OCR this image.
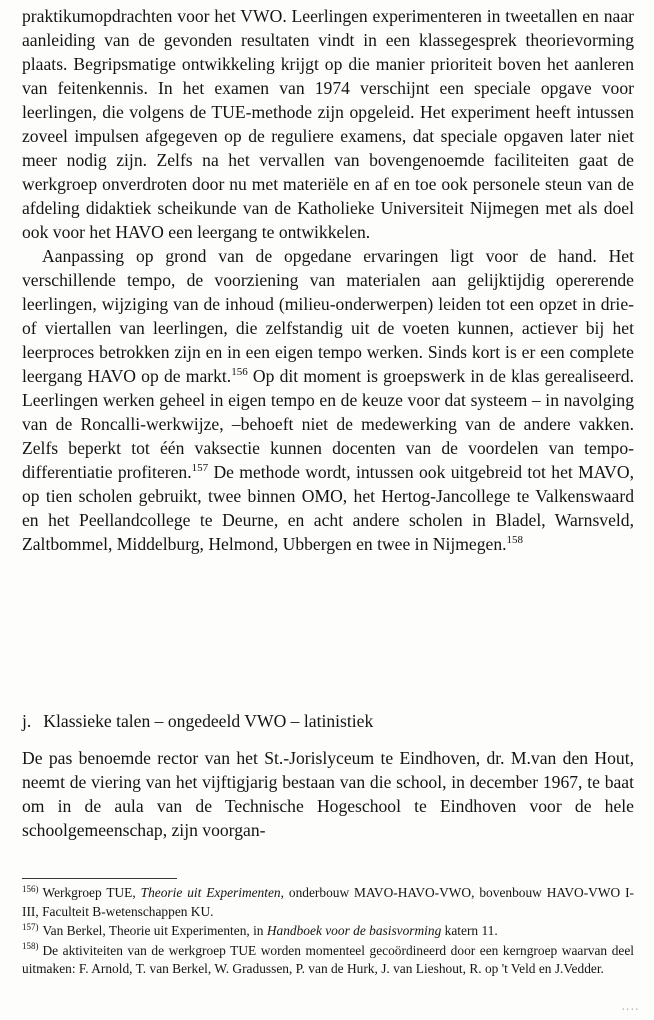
praktikumopdrachten voor het VWO. Leerlingen experimenteren in tweetallen en naar aanleiding van de gevonden resultaten vindt in een klassegesprek theorievorming plaats. Begripsmatige ontwikkeling krijgt op die manier prioriteit boven het aanleren van feitenkennis. In het examen van 1974 verschijnt een speciale opgave voor leerlingen, die volgens de TUE-methode zijn opgeleid. Het experiment heeft intussen zoveel impulsen afgegeven op de reguliere examens, dat speciale opgaven later niet meer nodig zijn. Zelfs na het vervallen van bovengenoemde faciliteiten gaat de werkgroep onverdroten door nu met materiële en af en toe ook personele steun van de afdeling didaktiek scheikunde van de Katholieke Universiteit Nijmegen met als doel ook voor het HAVO een leergang te ontwikkelen.

Aanpassing op grond van de opgedane ervaringen ligt voor de hand. Het verschillende tempo, de voorziening van materialen aan gelijktijdig opererende leerlingen, wijziging van de inhoud (milieu-onderwerpen) leiden tot een opzet in drie- of viertallen van leerlingen, die zelfstandig uit de voeten kunnen, actiever bij het leerproces betrokken zijn en in een eigen tempo werken. Sinds kort is er een complete leergang HAVO op de markt.$^{156}$ Op dit moment is groepswerk in de klas gerealiseerd. Leerlingen werken geheel in eigen tempo en de keuze voor dat systeem – in navolging van de Roncalli-werkwijze, –behoeft niet de medewerking van de andere vakken. Zelfs beperkt tot één vaksectie kunnen docenten van de voordelen van tempo-differentiatie profiteren.$^{157}$ De methode wordt, intussen ook uitgebreid tot het MAVO, op tien scholen gebruikt, twee binnen OMO, het Hertog-Jancollege te Valkenswaard en het Peellandcollege te Deurne, en acht andere scholen in Bladel, Warnsveld, Zaltbommel, Middelburg, Helmond, Ubbergen en twee in Nijmegen.$^{158}$

j. Klassieke talen – ongedeeld VWO – latinistiek

De pas benoemde rector van het St.-Jorislyceum te Eindhoven, dr. M.van den Hout, neemt de viering van het vijftigjarig bestaan van die school, in december 1967, te baat om in de aula van de Technische Hogeschool te Eindhoven voor de hele schoolgemeenschap, zijn voorgan-

$^{156)}$ Werkgroep TUE, Theorie uit Experimenten, onderbouw MAVO-HAVO-VWO, bovenbouw HAVO-VWO I-III, Faculteit B-wetenschappen KU.

$^{157)}$ Van Berkel, Theorie uit Experimenten, in Handboek voor de basisvorming katern 11.

$^{158)}$ De aktiviteiten van de werkgroep TUE worden momenteel gecoördineerd door een kerngroep waarvan deel uitmaken: F. Arnold, T. van Berkel, W. Gradussen, P. van de Hurk, J. van Lieshout, R. op 't Veld en J.Vedder.

⋅⋅⋅⋅
